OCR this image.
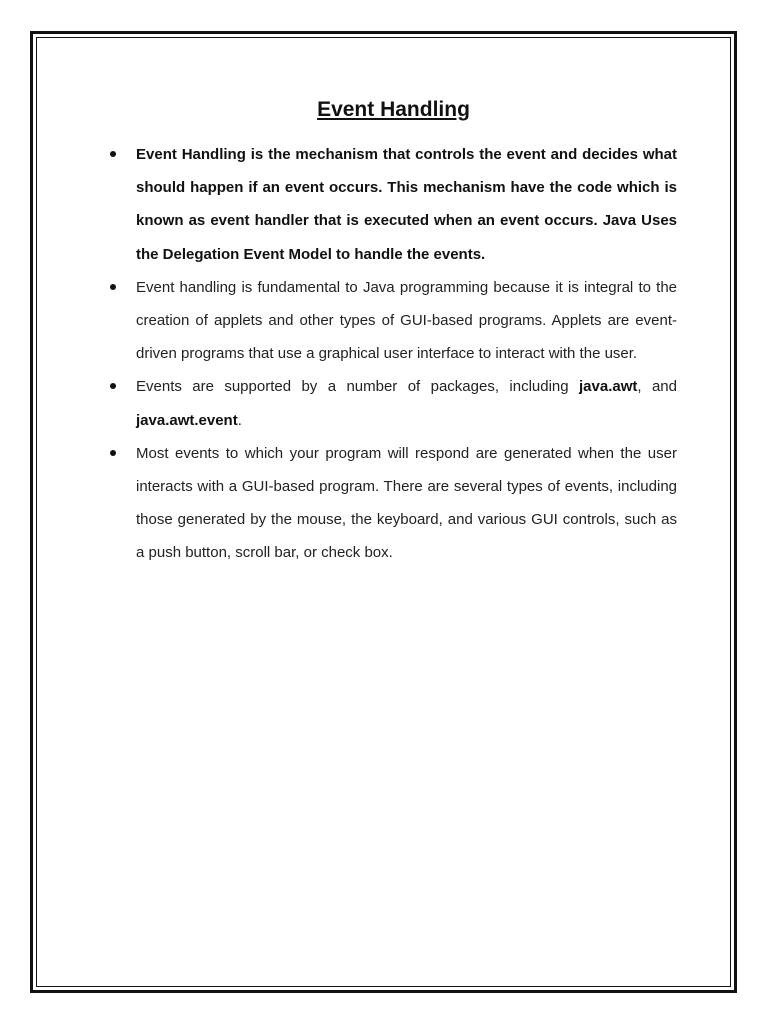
Event Handling
Event Handling is the mechanism that controls the event and decides what should happen if an event occurs. This mechanism have the code which is known as event handler that is executed when an event occurs. Java Uses the Delegation Event Model to handle the events.
Event handling is fundamental to Java programming because it is integral to the creation of applets and other types of GUI-based programs. Applets are event-driven programs that use a graphical user interface to interact with the user.
Events are supported by a number of packages, including java.awt, and java.awt.event.
Most events to which your program will respond are generated when the user interacts with a GUI-based program. There are several types of events, including those generated by the mouse, the keyboard, and various GUI controls, such as a push button, scroll bar, or check box.
